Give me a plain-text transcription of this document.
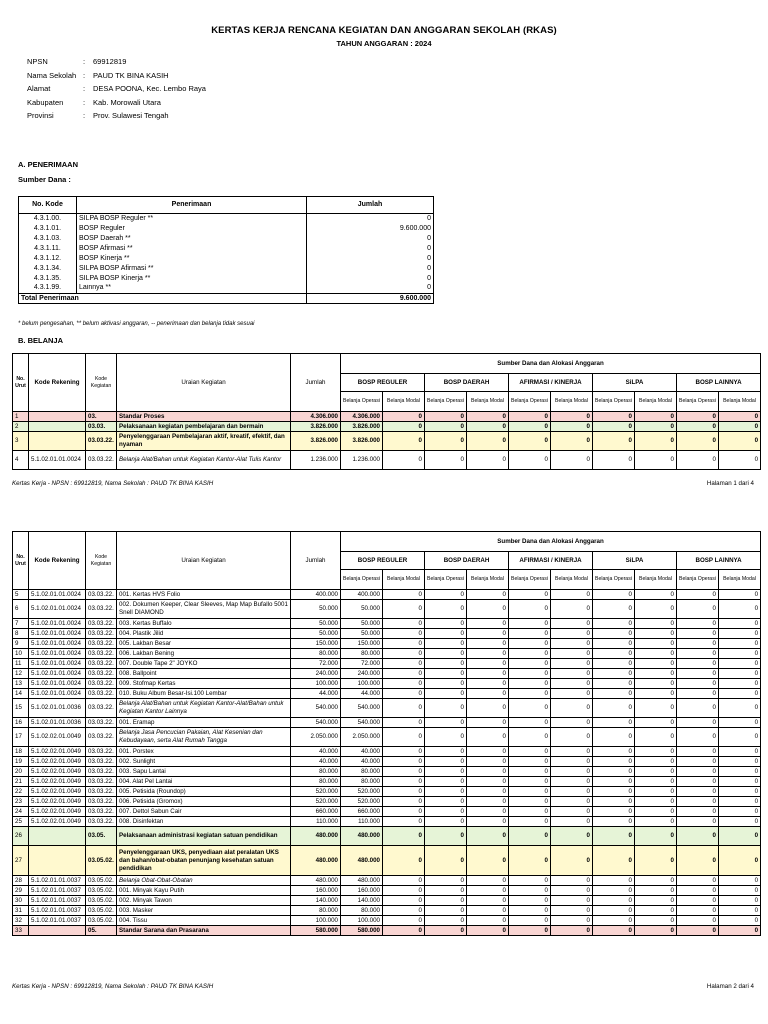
KERTAS KERJA RENCANA KEGIATAN DAN ANGGARAN SEKOLAH (RKAS)
TAHUN ANGGARAN : 2024
NPSN	:	69912819
Nama Sekolah :	PAUD TK BINA KASIH
Alamat	:	DESA POONA, Kec. Lembo Raya
Kabupaten	:	Kab. Morowali Utara
Provinsi	:	Prov. Sulawesi Tengah
A. PENERIMAAN
Sumber Dana :
No. Kode	Penerimaan	Jumlah
4.3.1.00.	SILPA BOSP Reguler **	0
4.3.1.01.	BOSP Reguler	9.600.000
4.3.1.03.	BOSP Daerah **	0
4.3.1.11.	BOSP Afirmasi **	0
4.3.1.12.	BOSP Kinerja **	0
4.3.1.34.	SILPA BOSP Afirmasi **	0
4.3.1.35.	SILPA BOSP Kinerja **	0
4.3.1.99.	Lainnya **	0
Total Penerimaan		9.600.000
* belum pengesahan, ** belum aktivasi anggaran, -- penerimaan dan belanja tidak sesuai
B. BELANJA
No. Urut	Kode Rekening	Kode Kegiatan	Uraian Kegiatan	Jumlah	Sumber Dana dan Alokasi Anggaran									
					BOSP REGULER		BOSP DAERAH		AFIRMASI / KINERJA		SiLPA		BOSP LAINNYA	
					Belanja Operasi	Belanja Modal	Belanja Operasi	Belanja Modal	Belanja Operasi	Belanja Modal	Belanja Operasi	Belanja Modal	Belanja Operasi	Belanja Modal
1		03.	Standar Proses	4.306.000	4.306.000	0	0	0	0	0	0	0	0	0
2		03.03.	Pelaksanaan kegiatan pembelajaran dan bermain	3.826.000	3.826.000	0	0	0	0	0	0	0	0	0
3		03.03.22.	Penyelenggaraan Pembelajaran aktif, kreatif, efektif, dan nyaman	3.826.000	3.826.000	0	0	0	0	0	0	0	0	0
4	5.1.02.01.01.0024	03.03.22.	Belanja Alat/Bahan untuk Kegiatan Kantor-Alat Tulis Kantor	1.236.000	1.236.000	0	0	0	0	0	0	0	0	0
Kertas Kerja - NPSN : 69912819, Nama Sekolah : PAUD TK BINA KASIH	Halaman 1 dari 4
No. Urut	Kode Rekening	Kode Kegiatan	Uraian Kegiatan	Jumlah	Sumber Dana dan Alokasi Anggaran									
					BOSP REGULER		BOSP DAERAH		AFIRMASI / KINERJA		SiLPA		BOSP LAINNYA	
					Belanja Operasi	Belanja Modal	Belanja Operasi	Belanja Modal	Belanja Operasi	Belanja Modal	Belanja Operasi	Belanja Modal	Belanja Operasi	Belanja Modal
5	5.1.02.01.01.0024	03.03.22.	001. Kertas HVS Folio	400.000	400.000	0	0	0	0	0	0	0	0	0
6	5.1.02.01.01.0024	03.03.22.	002. Dokumen Keeper, Clear Sleeves, Map Map Bufallo 5001 Snell DIAMOND	50.000	50.000	0	0	0	0	0	0	0	0	0
7	5.1.02.01.01.0024	03.03.22.	003. Kertas Buffalo	50.000	50.000	0	0	0	0	0	0	0	0	0
8	5.1.02.01.01.0024	03.03.22.	004. Plastik Jilid	50.000	50.000	0	0	0	0	0	0	0	0	0
9	5.1.02.01.01.0024	03.03.22.	005. Lakban Besar	150.000	150.000	0	0	0	0	0	0	0	0	0
10	5.1.02.01.01.0024	03.03.22.	006. Lakban Bening	80.000	80.000	0	0	0	0	0	0	0	0	0
11	5.1.02.01.01.0024	03.03.22.	007. Double Tape 2" JOYKO	72.000	72.000	0	0	0	0	0	0	0	0	0
12	5.1.02.01.01.0024	03.03.22.	008. Ballpoint	240.000	240.000	0	0	0	0	0	0	0	0	0
13	5.1.02.01.01.0024	03.03.22.	009. Stofmap Kertas	100.000	100.000	0	0	0	0	0	0	0	0	0
14	5.1.02.01.01.0024	03.03.22.	010. Buku Album Besar-Isi.100 Lembar	44.000	44.000	0	0	0	0	0	0	0	0	0
15	5.1.02.01.01.0036	03.03.22.	Belanja Alat/Bahan untuk Kegiatan Kantor-Alat/Bahan untuk Kegiatan Kantor Lainnya	540.000	540.000	0	0	0	0	0	0	0	0	0
16	5.1.02.01.01.0036	03.03.22.	001. Eramap	540.000	540.000	0	0	0	0	0	0	0	0	0
17	5.1.02.02.01.0049	03.03.22.	Belanja Jasa Pencucian Pakaian, Alat Kesenian dan Kebudayaan, serta Alat Rumah Tangga	2.050.000	2.050.000	0	0	0	0	0	0	0	0	0
18	5.1.02.02.01.0049	03.03.22.	001. Porstex	40.000	40.000	0	0	0	0	0	0	0	0	0
19	5.1.02.02.01.0049	03.03.22.	002. Sunlight	40.000	40.000	0	0	0	0	0	0	0	0	0
20	5.1.02.02.01.0049	03.03.22.	003. Sapu Lantai	80.000	80.000	0	0	0	0	0	0	0	0	0
21	5.1.02.02.01.0049	03.03.22.	004. Alat Pel Lantai	80.000	80.000	0	0	0	0	0	0	0	0	0
22	5.1.02.02.01.0049	03.03.22.	005. Petisida (Roundop)	520.000	520.000	0	0	0	0	0	0	0	0	0
23	5.1.02.02.01.0049	03.03.22.	006. Petisida (Gromox)	520.000	520.000	0	0	0	0	0	0	0	0	0
24	5.1.02.02.01.0049	03.03.22.	007. Dettol Sabun Cair	660.000	660.000	0	0	0	0	0	0	0	0	0
25	5.1.02.02.01.0049	03.03.22.	008. Disinfektan	110.000	110.000	0	0	0	0	0	0	0	0	0
26		03.05.	Pelaksanaan administrasi kegiatan satuan pendidikan	480.000	480.000	0	0	0	0	0	0	0	0	0
27		03.05.02.	Penyelenggaraan UKS, penyediaan alat peralatan UKS dan bahan/obat-obatan penunjang kesehatan satuan pendidikan	480.000	480.000	0	0	0	0	0	0	0	0	0
28	5.1.02.01.01.0037	03.05.02.	Belanja Obat-Obat-Obatan	480.000	480.000	0	0	0	0	0	0	0	0	0
29	5.1.02.01.01.0037	03.05.02.	001. Minyak Kayu Putih	160.000	160.000	0	0	0	0	0	0	0	0	0
30	5.1.02.01.01.0037	03.05.02.	002. Minyak Tawon	140.000	140.000	0	0	0	0	0	0	0	0	0
31	5.1.02.01.01.0037	03.05.02.	003. Masker	80.000	80.000	0	0	0	0	0	0	0	0	0
32	5.1.02.01.01.0037	03.05.02.	004. Tissu	100.000	100.000	0	0	0	0	0	0	0	0	0
33		05.	Standar Sarana dan Prasarana	580.000	580.000	0	0	0	0	0	0	0	0	0
Kertas Kerja - NPSN : 69912819, Nama Sekolah : PAUD TK BINA KASIH	Halaman 2 dari 4
